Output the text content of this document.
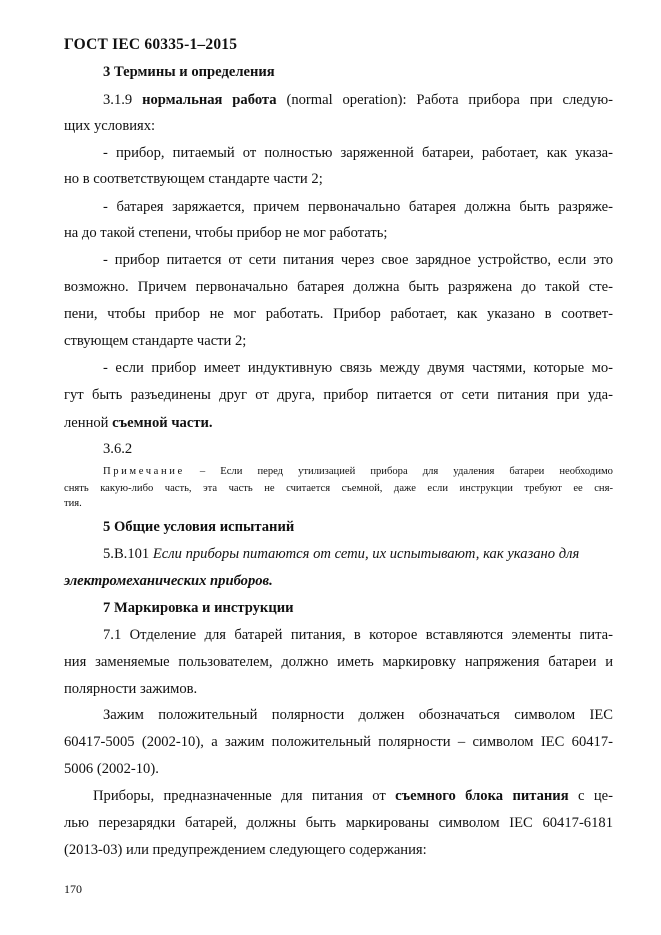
ГОСТ IEC 60335-1–2015
3 Термины и определения
3.1.9 нормальная работа (normal operation): Работа прибора при следую-
щих условиях:
- прибор, питаемый от полностью заряженной батареи, работает, как указа-
но в соответствующем стандарте части 2;
- батарея заряжается, причем первоначально батарея должна быть разряже-
на до такой степени, чтобы прибор не мог работать;
- прибор питается от сети питания через свое зарядное устройство, если это
возможно. Причем первоначально батарея должна быть разряжена до такой сте-
пени, чтобы прибор не мог работать. Прибор работает, как указано в соответ-
ствующем стандарте части 2;
- если прибор имеет индуктивную связь между двумя частями, которые мо-
гут быть разъединены друг от друга, прибор питается от сети питания при уда-
ленной съемной части.
3.6.2
Примечание – Если перед утилизацией прибора для удаления батареи необходимо
снять какую-либо часть, эта часть не считается съемной, даже если инструкции требуют ее сня-
тия.
5 Общие условия испытаний
5.B.101 Если приборы питаются от сети, их испытывают, как указано для
электромеханических приборов.
7 Маркировка и инструкции
7.1 Отделение для батарей питания, в которое вставляются элементы пита-
ния заменяемые пользователем, должно иметь маркировку напряжения батареи и
полярности зажимов.
Зажим положительный полярности должен обозначаться символом IEC
60417-5005 (2002-10), а зажим положительный полярности – символом IEC 60417-
5006 (2002-10).
Приборы, предназначенные для питания от съемного блока питания с це-
лью перезарядки батарей, должны быть маркированы символом IEC 60417-6181
(2013-03) или предупреждением следующего содержания:
170
